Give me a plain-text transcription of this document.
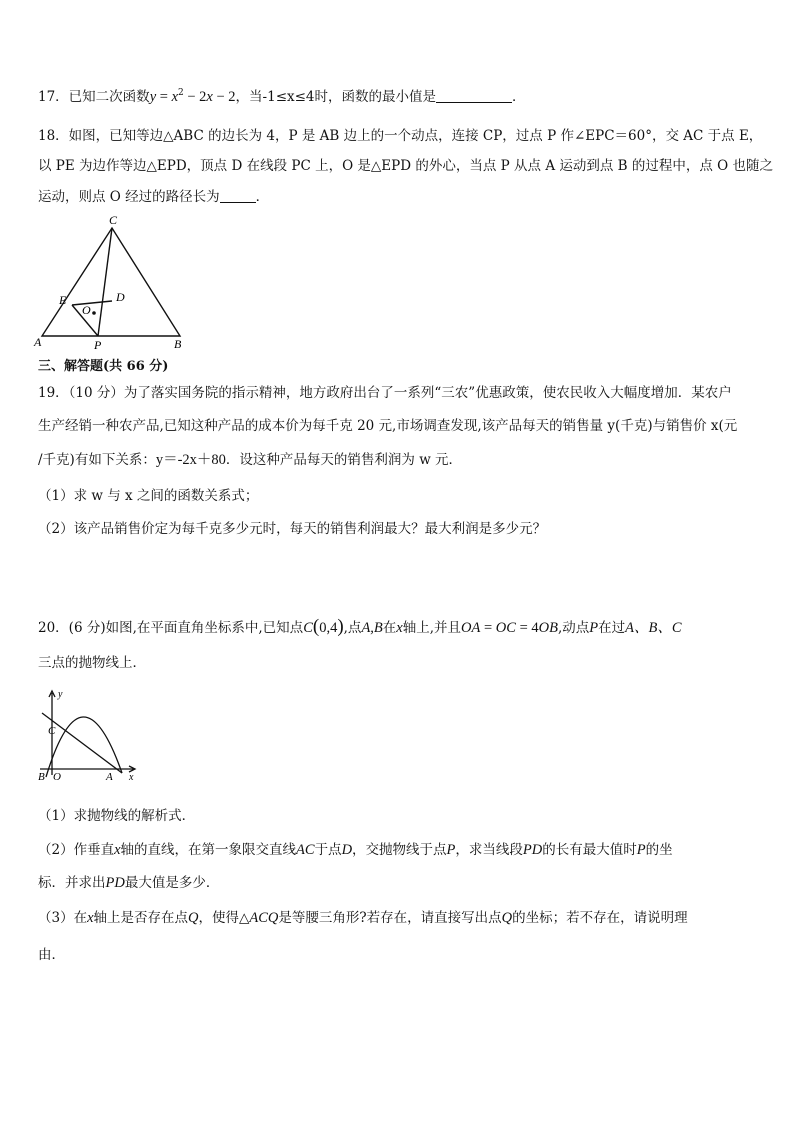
17．已知二次函数$y = x^2 - 2x - 2$，当-1≤x≤4时，函数的最小值是	．
18．如图，已知等边△ABC 的边长为 4，P 是 AB 边上的一个动点，连接 CP，过点 P 作∠EPC＝60°，交 AC 于点 E，
以 PE 为边作等边△EPD，顶点 D 在线段 PC 上，O 是△EPD 的外心，当点 P 从点 A 运动到点 B 的过程中，点 O 也随之
运动，则点 O 经过的路径长为	．
C
E	D
O
A	P	B
三、解答题(共 66 分)
19．（10 分）为了落实国务院的指示精神，地方政府出台了一系列“三农”优惠政策，使农民收入大幅度增加．某农户
生产经销一种农产品,已知这种产品的成本价为每千克 20 元,市场调查发现,该产品每天的销售量 y(千克)与销售价 x(元
/千克)有如下关系：y＝-2x＋80．设这种产品每天的销售利润为 w 元．
（1）求 w 与 x 之间的函数关系式；
（2）该产品销售价定为每千克多少元时，每天的销售利润最大？最大利润是多少元？
20．(6 分)如图,在平面直角坐标系中,已知点C(0,4),点A,B在x轴上,并且OA = OC = 4OB,动点P在过A、B、C
三点的抛物线上．
y
C
B O	A x
（1）求抛物线的解析式．
（2）作垂直x轴的直线，在第一象限交直线AC于点D，交抛物线于点P，求当线段PD的长有最大值时P的坐
标．并求出PD最大值是多少．
（3）在x轴上是否存在点Q，使得△ACQ是等腰三角形?若存在，请直接写出点Q的坐标；若不存在，请说明理
由．
